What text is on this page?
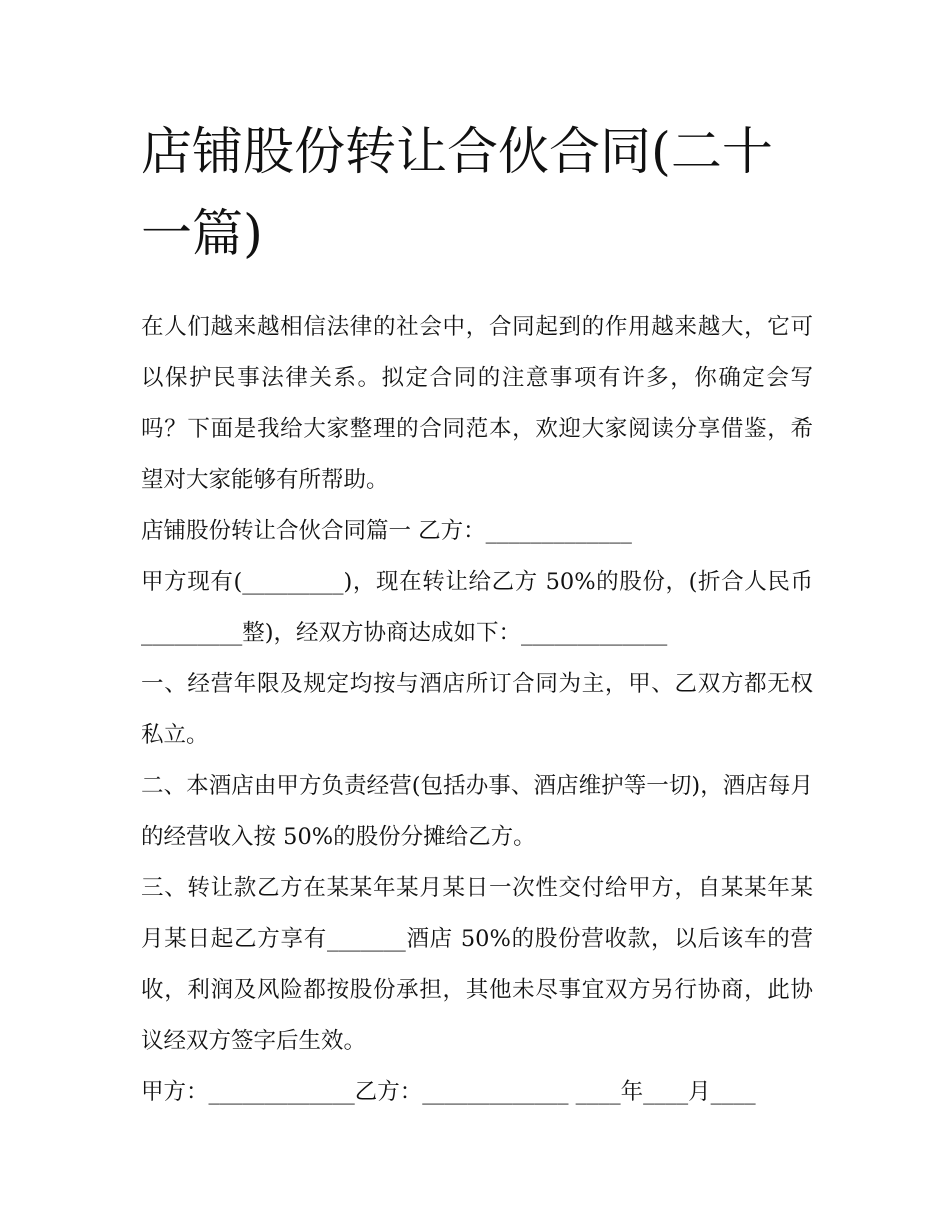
店铺股份转让合伙合同(二十一篇)

在人们越来越相信法律的社会中，合同起到的作用越来越大，它可以保护民事法律关系。拟定合同的注意事项有许多，你确定会写吗？下面是我给大家整理的合同范本，欢迎大家阅读分享借鉴，希望对大家能够有所帮助。

店铺股份转让合伙合同篇一 乙方：_____________

甲方现有(_________)，现在转让给乙方 50%的股份，(折合人民币_________整)，经双方协商达成如下：_____________

一、经营年限及规定均按与酒店所订合同为主，甲、乙双方都无权私立。

二、本酒店由甲方负责经营(包括办事、酒店维护等一切)，酒店每月的经营收入按 50%的股份分摊给乙方。

三、转让款乙方在某某年某月某日一次性交付给甲方，自某某年某月某日起乙方享有_______酒店 50%的股份营收款，以后该车的营收，利润及风险都按股份承担，其他未尽事宜双方另行协商，此协议经双方签字后生效。

甲方：_____________乙方：_____________ ____年____月____
